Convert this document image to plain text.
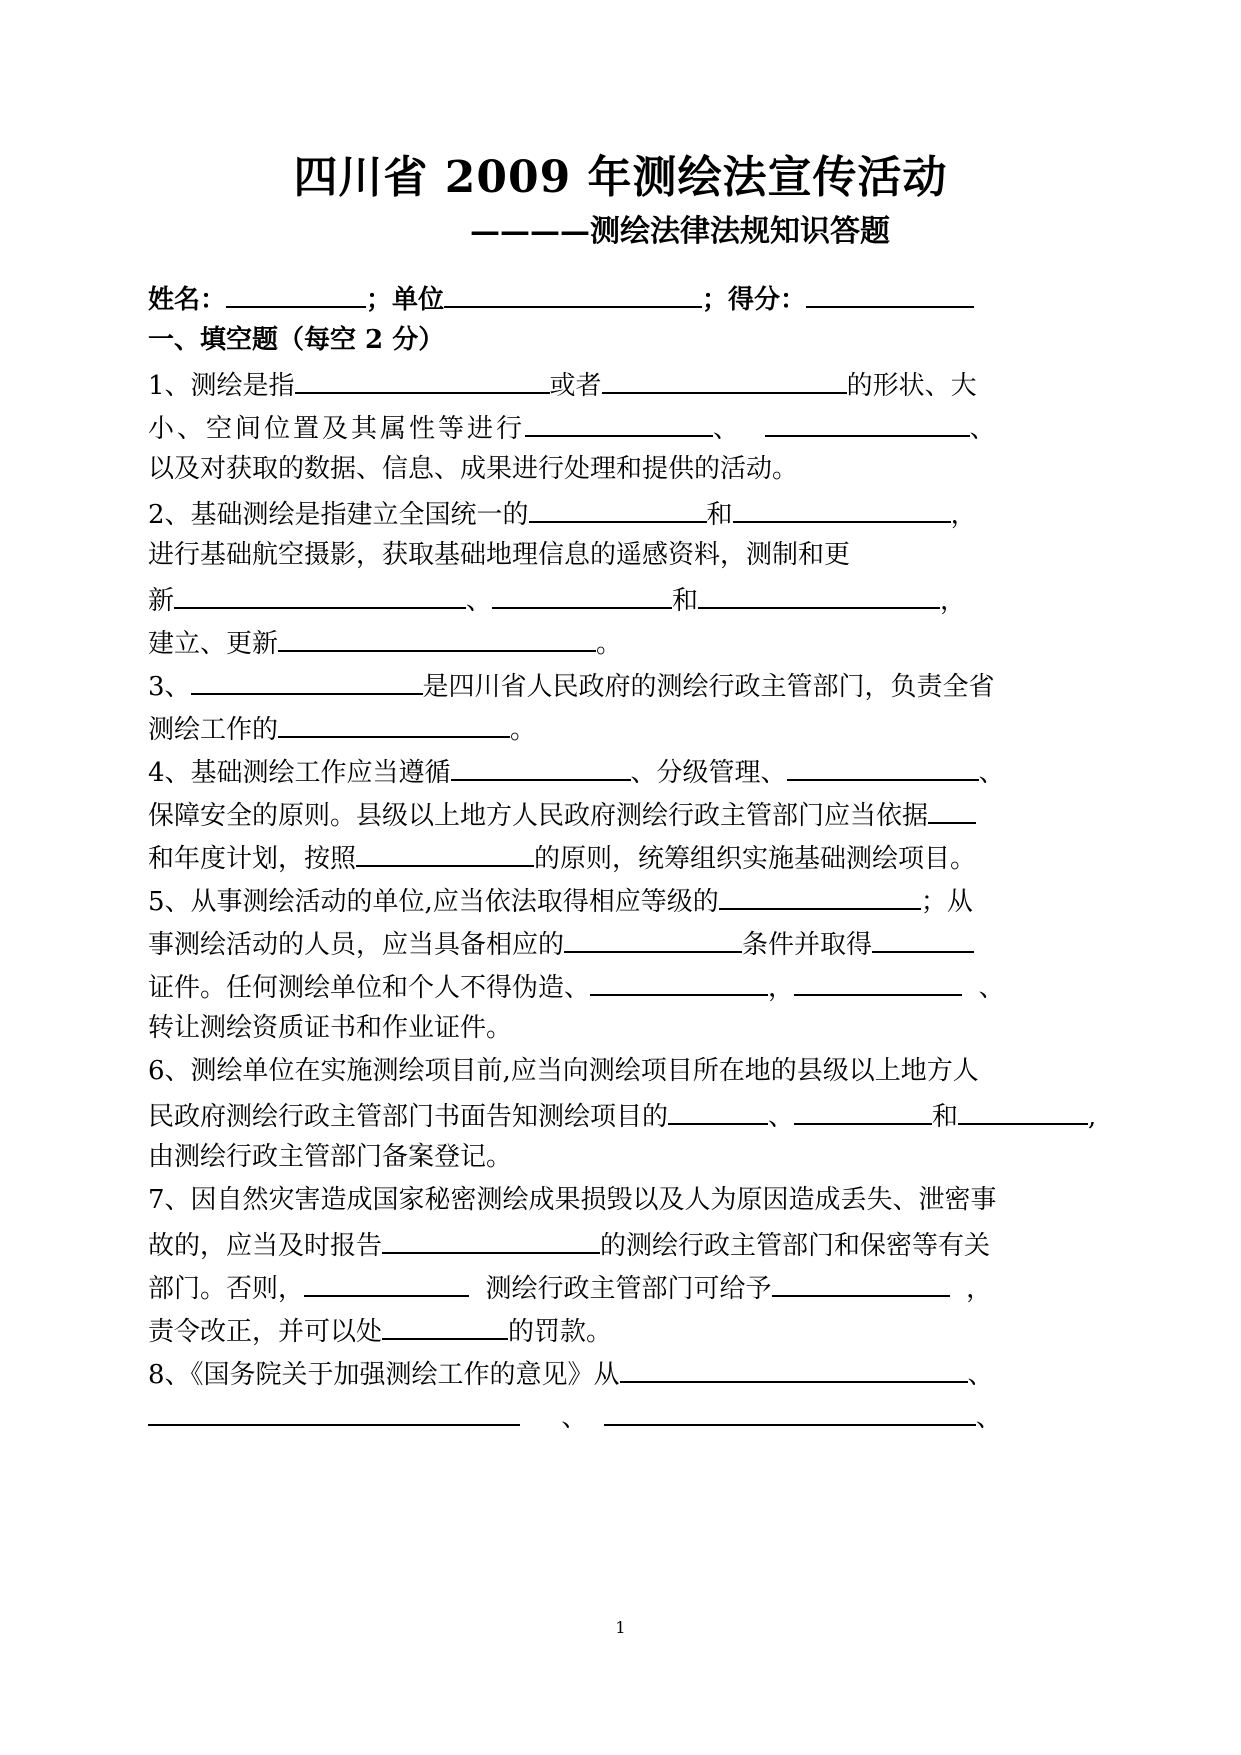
四川省 2009 年测绘法宣传活动
————测绘法律法规知识答题
姓名：	；单位	；得分：
一、填空题（每空 2 分）
1、测绘是指	或者	的形状、大
小、空间位置及其属性等进行	、	、
以及对获取的数据、信息、成果进行处理和提供的活动。
2、基础测绘是指建立全国统一的	和	，
进行基础航空摄影，获取基础地理信息的遥感资料，测制和更
新	、	和	，
建立、更新	。
3、	是四川省人民政府的测绘行政主管部门，负责全省
测绘工作的	。
4、基础测绘工作应当遵循	、分级管理、	、
保障安全的原则。县级以上地方人民政府测绘行政主管部门应当依据
和年度计划，按照	的原则，统筹组织实施基础测绘项目。
5、从事测绘活动的单位,应当依法取得相应等级的	；从
事测绘活动的人员，应当具备相应的	条件并取得
证件。任何测绘单位和个人不得伪造、	，	、
转让测绘资质证书和作业证件。
6、测绘单位在实施测绘项目前,应当向测绘项目所在地的县级以上地方人
民政府测绘行政主管部门书面告知测绘项目的	、	和	,
由测绘行政主管部门备案登记。
7、因自然灾害造成国家秘密测绘成果损毁以及人为原因造成丢失、泄密事
故的，应当及时报告	的测绘行政主管部门和保密等有关
部门。否则，	测绘行政主管部门可给予	，
责令改正，并可以处	的罚款。
8、《国务院关于加强测绘工作的意见》从	、
、	、
1
